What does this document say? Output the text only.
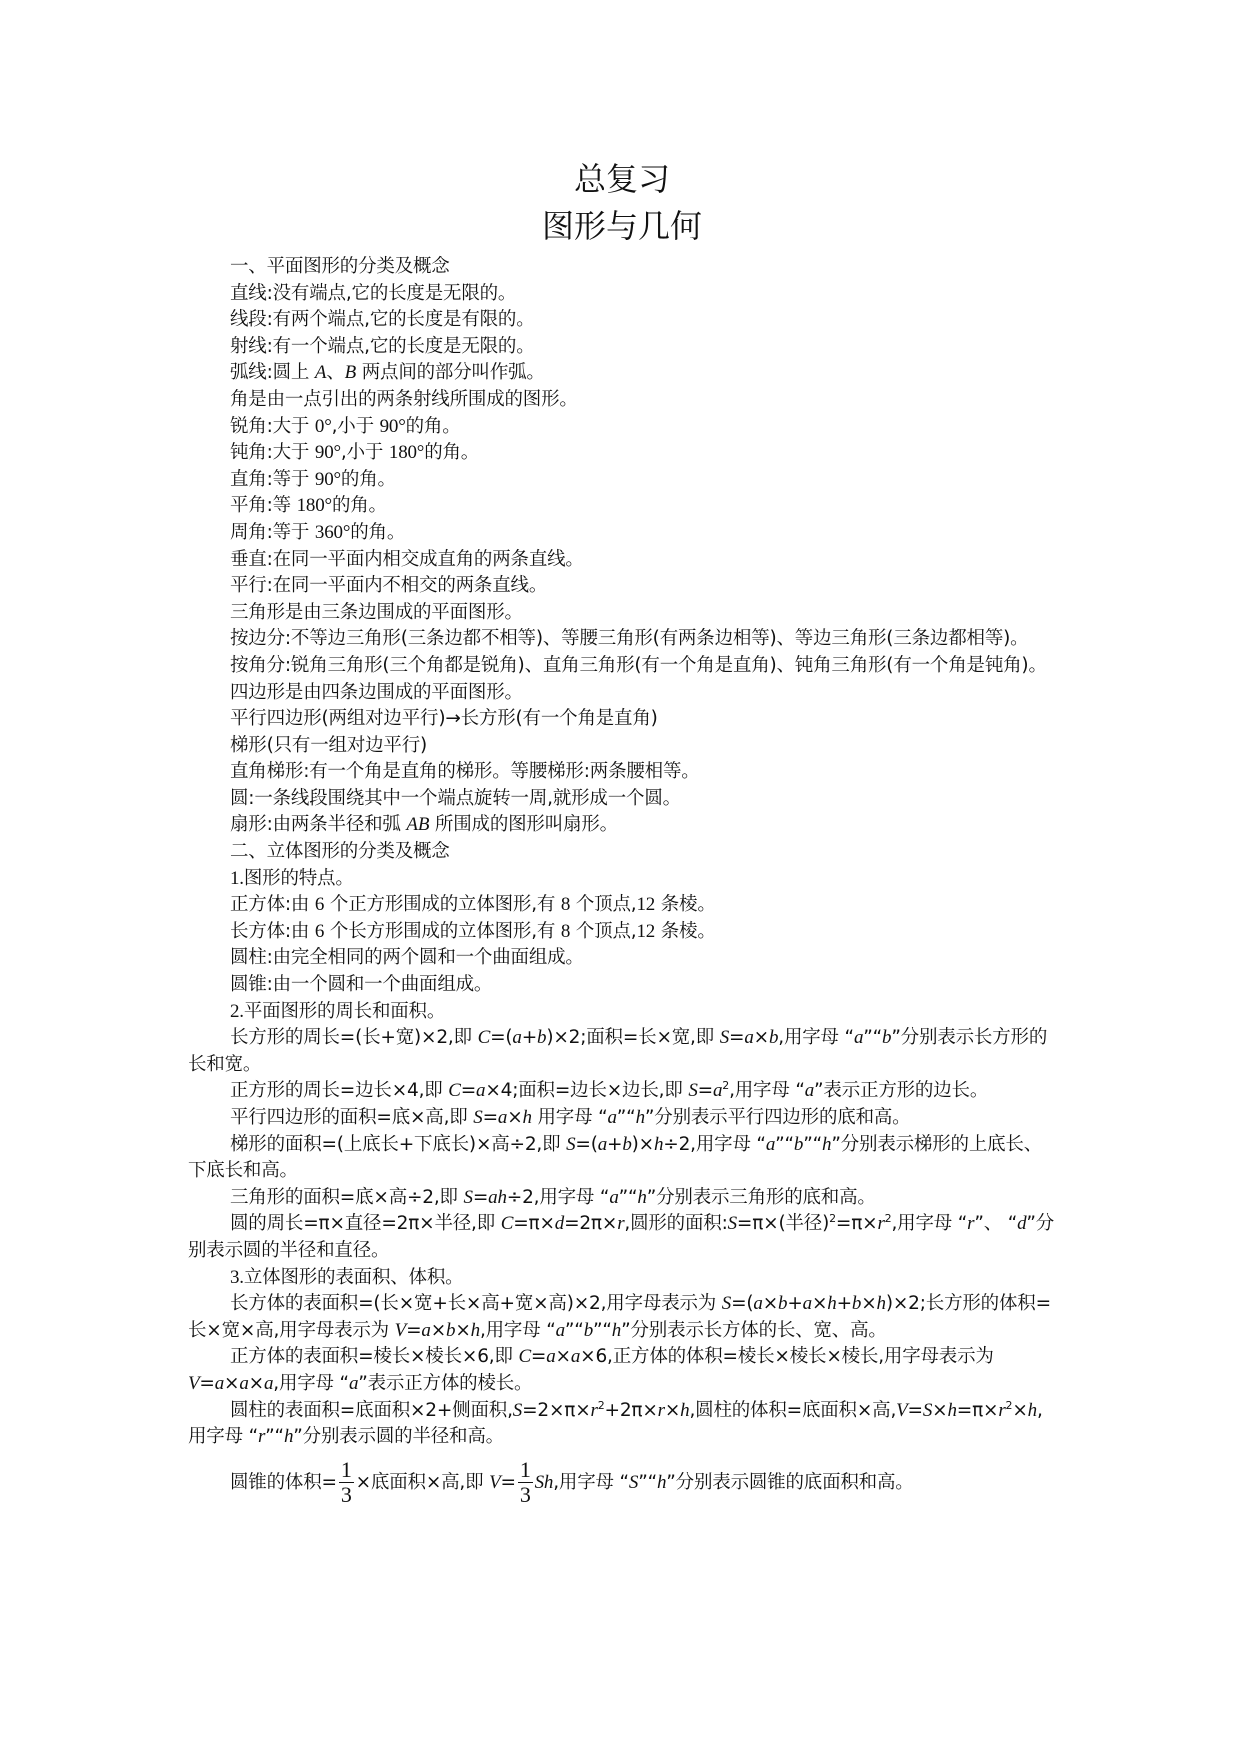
总复习
图形与几何

一、平面图形的分类及概念

直线:没有端点,它的长度是无限的。

线段:有两个端点,它的长度是有限的。

射线:有一个端点,它的长度是无限的。

弧线:圆上 A、B 两点间的部分叫作弧。

角是由一点引出的两条射线所围成的图形。

锐角:大于 0°,小于 90°的角。

钝角:大于 90°,小于 180°的角。

直角:等于 90°的角。

平角:等 180°的角。

周角:等于 360°的角。

垂直:在同一平面内相交成直角的两条直线。

平行:在同一平面内不相交的两条直线。

三角形是由三条边围成的平面图形。

按边分:不等边三角形(三条边都不相等)、等腰三角形(有两条边相等)、等边三角形(三条边都相等)。

按角分:锐角三角形(三个角都是锐角)、直角三角形(有一个角是直角)、钝角三角形(有一个角是钝角)。

四边形是由四条边围成的平面图形。

平行四边形(两组对边平行)→长方形(有一个角是直角)

梯形(只有一组对边平行)

直角梯形:有一个角是直角的梯形。等腰梯形:两条腰相等。

圆:一条线段围绕其中一个端点旋转一周,就形成一个圆。

扇形:由两条半径和弧 AB 所围成的图形叫扇形。

二、立体图形的分类及概念

1.图形的特点。

正方体:由 6 个正方形围成的立体图形,有 8 个顶点,12 条棱。

长方体:由 6 个长方形围成的立体图形,有 8 个顶点,12 条棱。

圆柱:由完全相同的两个圆和一个曲面组成。

圆锥:由一个圆和一个曲面组成。

2.平面图形的周长和面积。

长方形的周长=(长+宽)×2,即 C=(a+b)×2;面积=长×宽,即 S=a×b,用字母 “a”“b”分别表示长方形的长和宽。

正方形的周长=边长×4,即 C=a×4;面积=边长×边长,即 $S=a^2$,用字母 “a”表示正方形的边长。

平行四边形的面积=底×高,即 S=a×h 用字母 “a”“h”分别表示平行四边形的底和高。

梯形的面积=(上底长+下底长)×高÷2,即 S=(a+b)×h÷2,用字母 “a”“b”“h”分别表示梯形的上底长、下底长和高。

三角形的面积=底×高÷2,即 S=ah÷2,用字母 “a”“h”分别表示三角形的底和高。

圆的周长=π×直径=2π×半径,即 C=π×d=2π×r,圆形的面积:S=π×(半径)$^2=\pi\times r^2$,用字母 “r”、 “d”分别表示圆的半径和直径。

3.立体图形的表面积、体积。

长方体的表面积=(长×宽+长×高+宽×高)×2,用字母表示为 S=(a×b+a×h+b×h)×2;长方形的体积=长×宽×高,用字母表示为 V=a×b×h,用字母 “a”“b”“h”分别表示长方体的长、宽、高。

正方体的表面积=棱长×棱长×6,即 C=a×a×6,正方体的体积=棱长×棱长×棱长,用字母表示为 V=a×a×a,用字母 “a”表示正方体的棱长。

圆柱的表面积=底面积×2+侧面积$,S=2\times\pi\times r^2+2\pi\times r\times h$,圆柱的体积=底面积×高$,V=S\times h=\pi\times r^2\times h$,用字母 “r”“h”分别表示圆的半径和高。

圆锥的体积= $\frac{1}{3}$ ×底面积×高,即 $V= \frac{1}{3} Sh$,用字母 “S”“h”分别表示圆锥的底面积和高。
